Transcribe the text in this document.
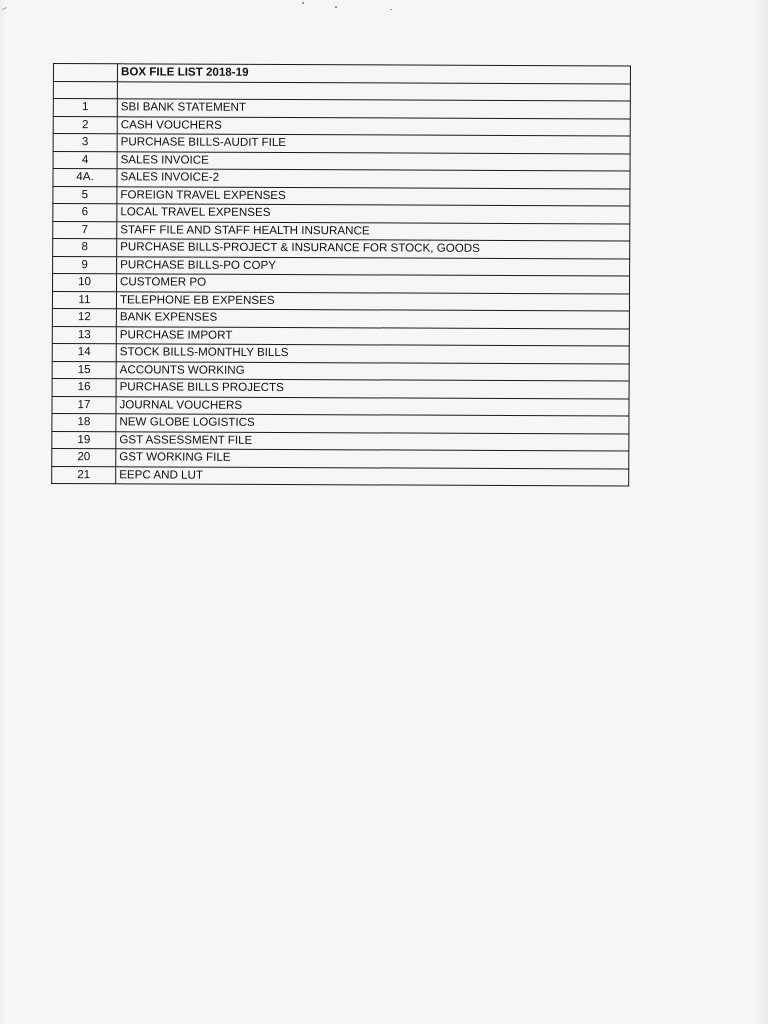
	BOX FILE LIST 2018-19

1	SBI BANK STATEMENT
2	CASH VOUCHERS
3	PURCHASE BILLS-AUDIT FILE
4	SALES INVOICE
4A.	SALES INVOICE-2
5	FOREIGN TRAVEL EXPENSES
6	LOCAL TRAVEL EXPENSES
7	STAFF FILE AND STAFF HEALTH INSURANCE
8	PURCHASE BILLS-PROJECT & INSURANCE FOR STOCK, GOODS
9	PURCHASE BILLS-PO COPY
10	CUSTOMER PO
11	TELEPHONE EB EXPENSES
12	BANK EXPENSES
13	PURCHASE IMPORT
14	STOCK BILLS-MONTHLY BILLS
15	ACCOUNTS WORKING
16	PURCHASE BILLS PROJECTS
17	JOURNAL VOUCHERS
18	NEW GLOBE LOGISTICS
19	GST ASSESSMENT FILE
20	GST WORKING FILE
21	EEPC AND LUT
